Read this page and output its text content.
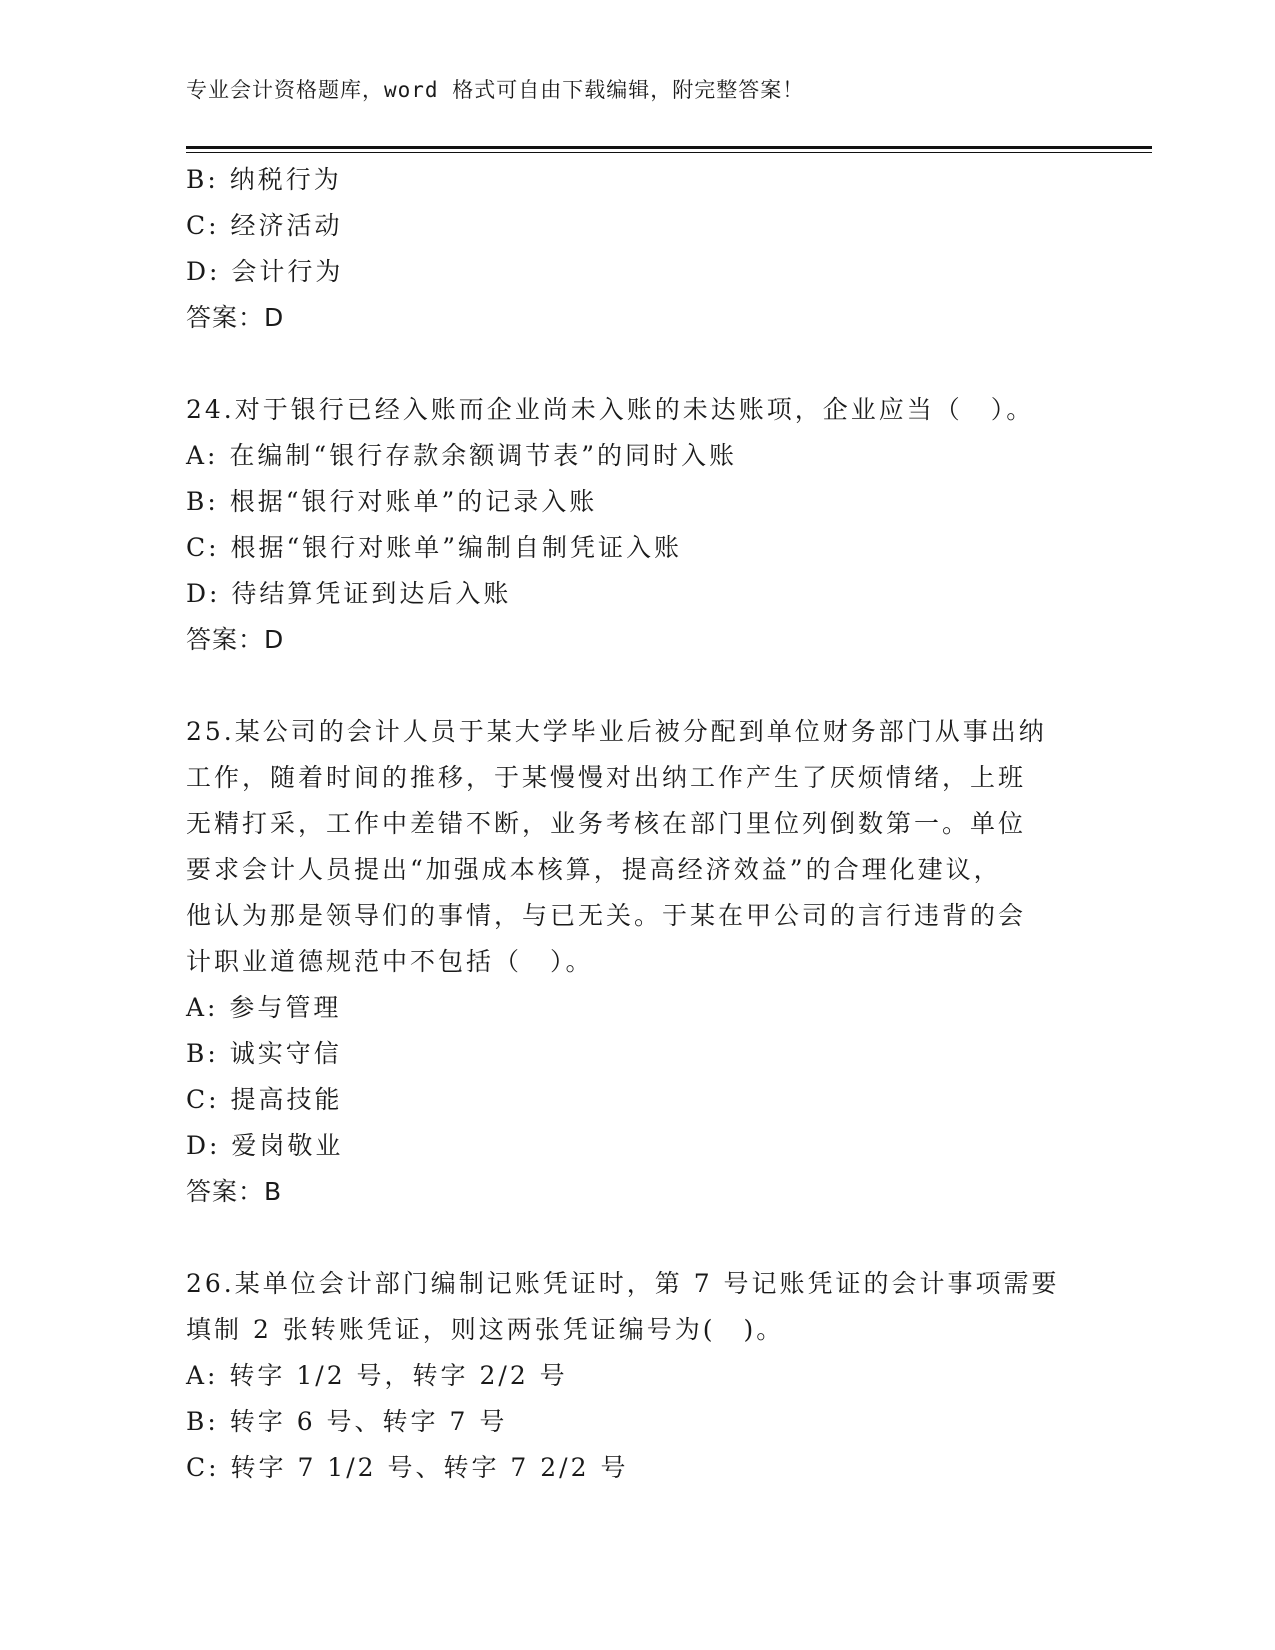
专业会计资格题库，word 格式可自由下载编辑，附完整答案！
B: 纳税行为
C: 经济活动
D: 会计行为
答案：D
24.对于银行已经入账而企业尚未入账的未达账项，企业应当（　）。
A: 在编制“银行存款余额调节表”的同时入账
B: 根据“银行对账单”的记录入账
C: 根据“银行对账单”编制自制凭证入账
D: 待结算凭证到达后入账
答案：D
25.某公司的会计人员于某大学毕业后被分配到单位财务部门从事出纳
工作，随着时间的推移，于某慢慢对出纳工作产生了厌烦情绪，上班
无精打采，工作中差错不断，业务考核在部门里位列倒数第一。单位
要求会计人员提出“加强成本核算，提高经济效益”的合理化建议，
他认为那是领导们的事情，与已无关。于某在甲公司的言行违背的会
计职业道德规范中不包括（　）。
A: 参与管理
B: 诚实守信
C: 提高技能
D: 爱岗敬业
答案：B
26.某单位会计部门编制记账凭证时，第 7 号记账凭证的会计事项需要
填制 2 张转账凭证，则这两张凭证编号为(　)。
A: 转字 1/2 号，转字 2/2 号
B: 转字 6 号、转字 7 号
C: 转字 7 1/2 号、转字 7 2/2 号
